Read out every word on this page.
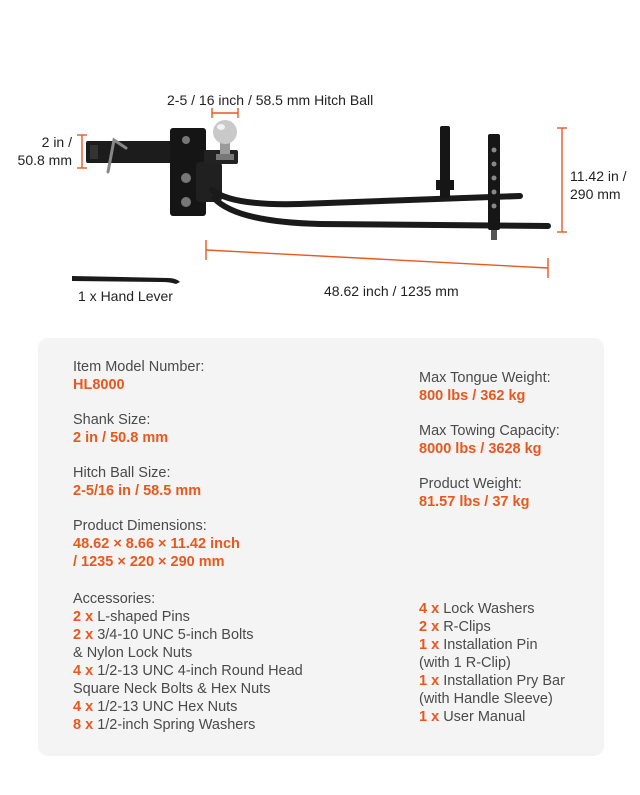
2-5 / 16 inch / 58.5 mm Hitch Ball
2 in /
50.8 mm
11.42 in /
290 mm
48.62 inch / 1235 mm
1 x Hand Lever
Item Model Number:
HL8000
Shank Size:
2 in / 50.8 mm
Hitch Ball Size:
2-5/16 in / 58.5 mm
Product Dimensions:
48.62 × 8.66 × 11.42 inch
/ 1235 × 220 × 290 mm
Max Tongue Weight:
800 lbs / 362 kg
Max Towing Capacity:
8000 lbs / 3628 kg
Product Weight:
81.57 lbs / 37 kg
Accessories:
2 x L-shaped Pins
2 x 3/4-10 UNC 5-inch Bolts
& Nylon Lock Nuts
4 x 1/2-13 UNC 4-inch Round Head
Square Neck Bolts & Hex Nuts
4 x 1/2-13 UNC Hex Nuts
8 x 1/2-inch Spring Washers
4 x Lock Washers
2 x R-Clips
1 x Installation Pin
(with 1 R-Clip)
1 x Installation Pry Bar
(with Handle Sleeve)
1 x User Manual
